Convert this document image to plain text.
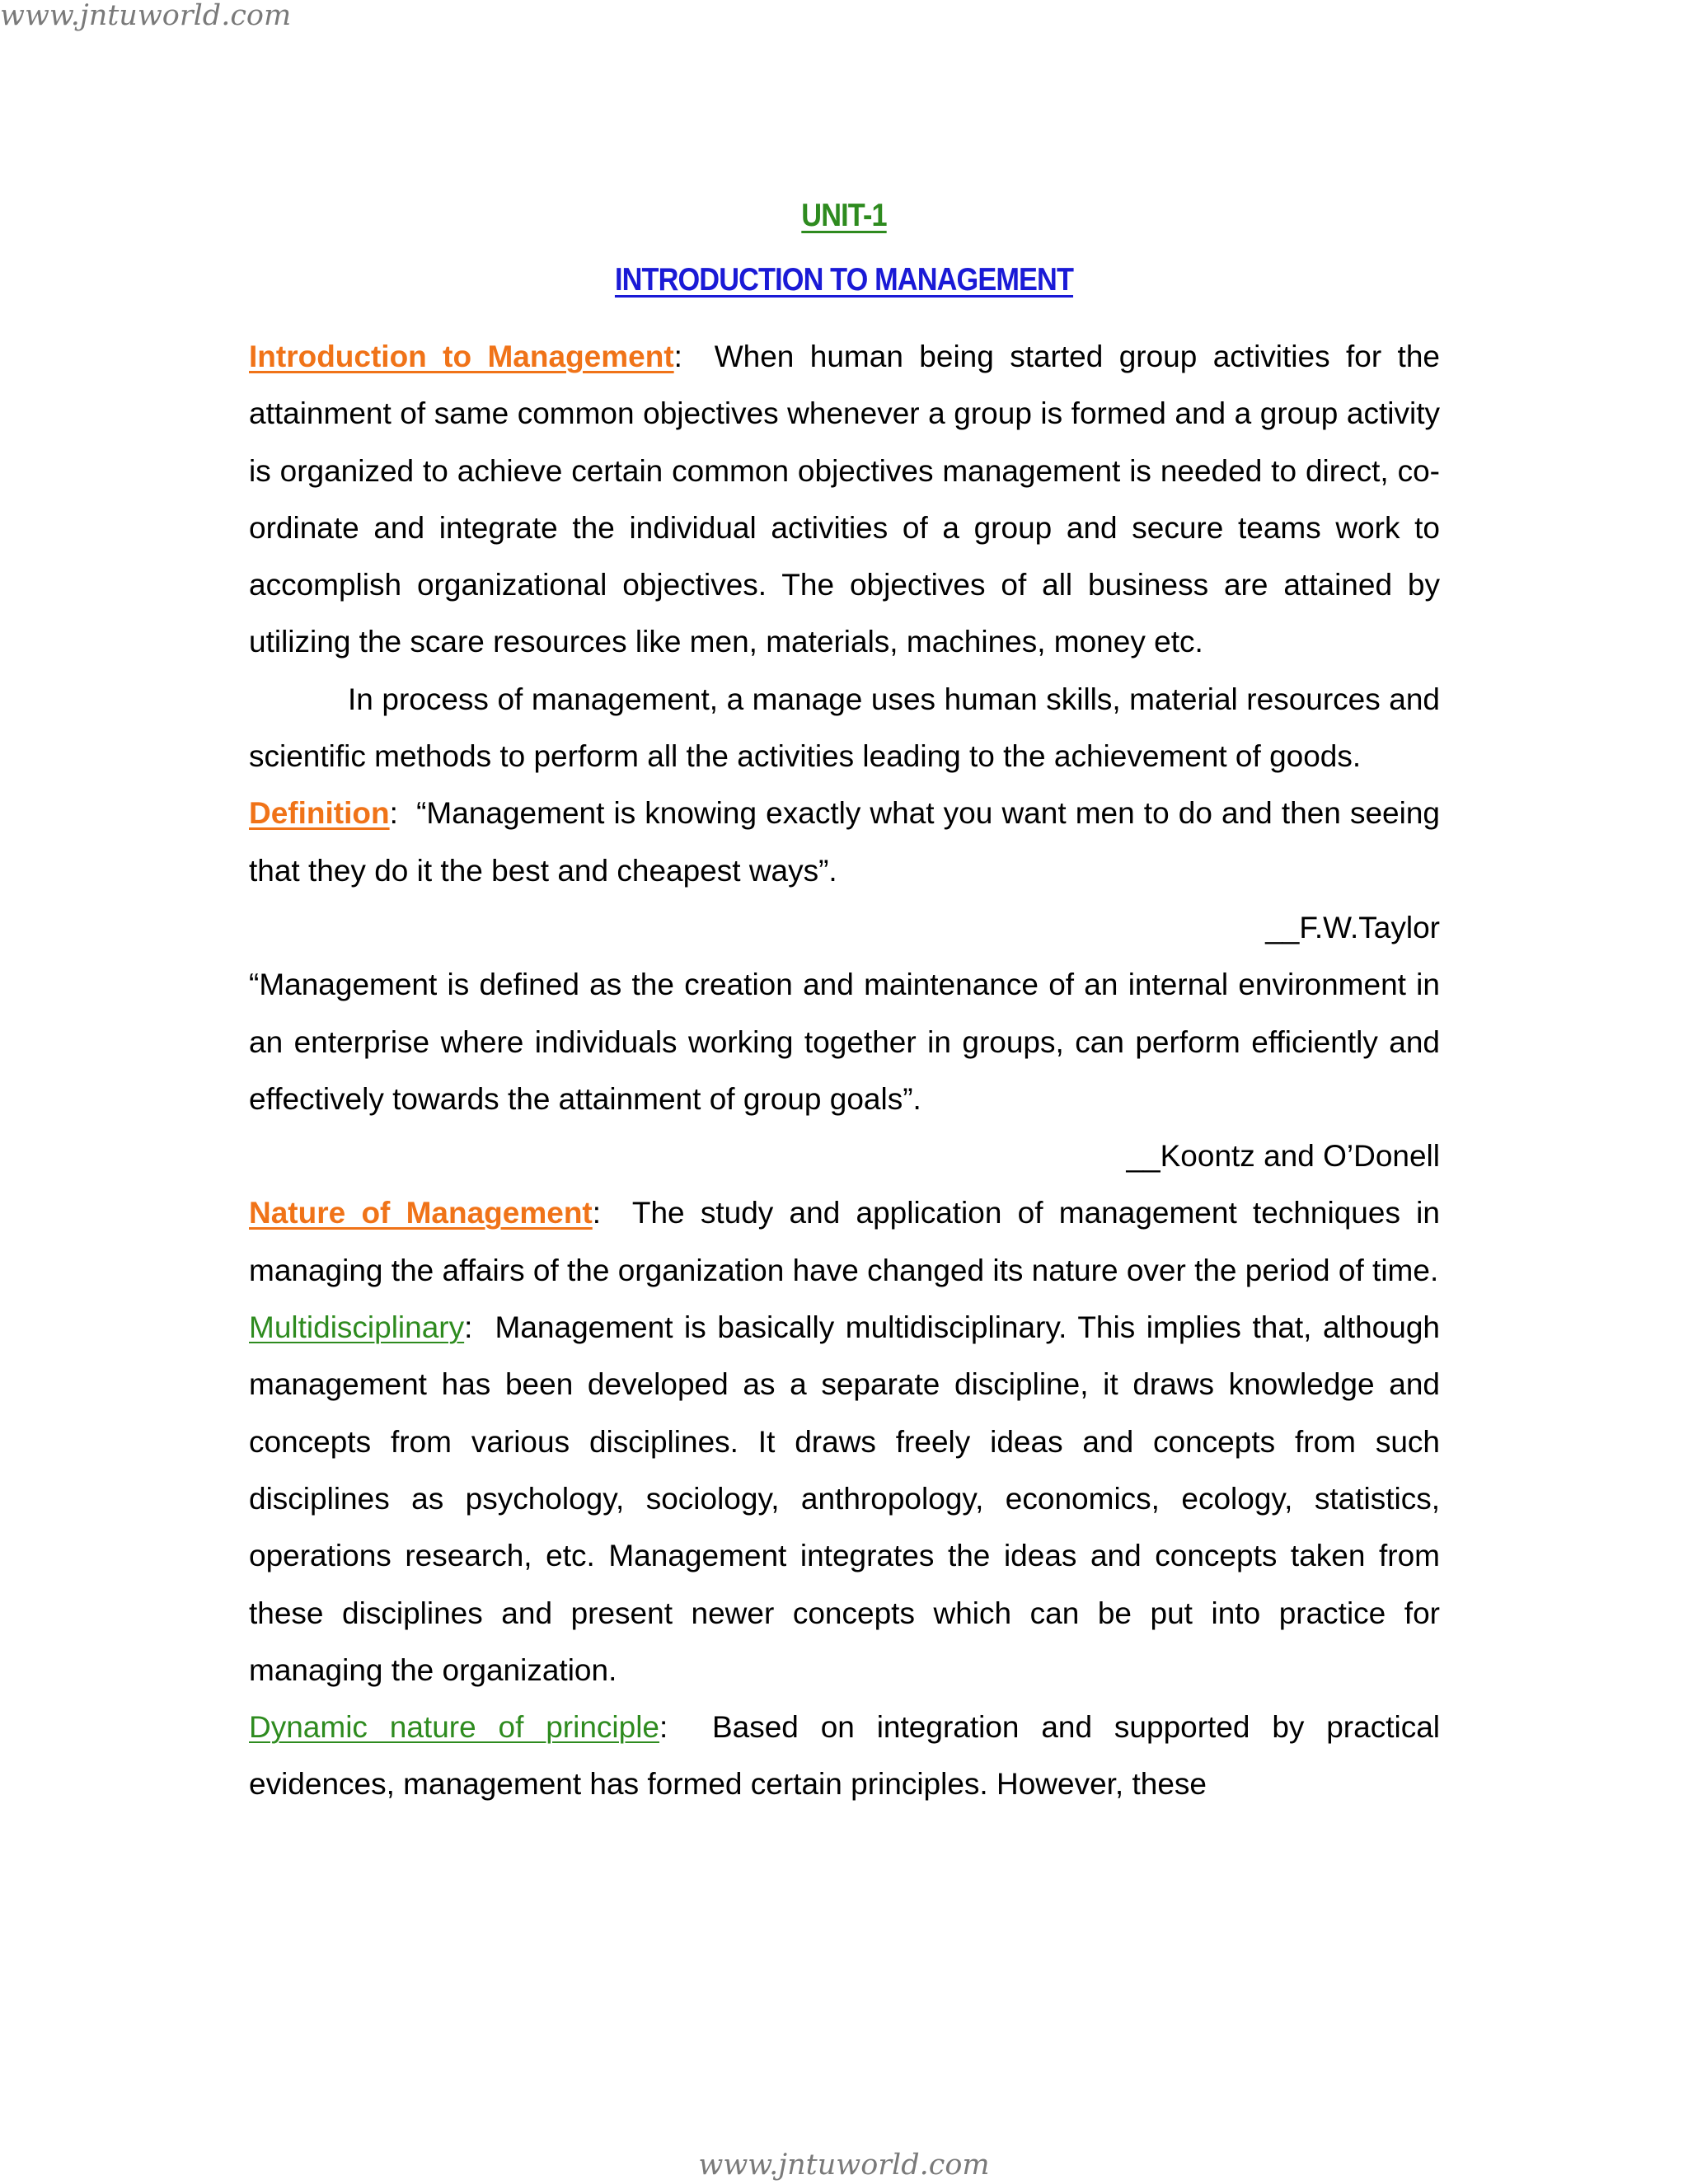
www.jntuworld.com
UNIT-1
INTRODUCTION TO MANAGEMENT

Introduction to Management: When human being started group activities for the attainment of same common objectives whenever a group is formed and a group activity is organized to achieve certain common objectives management is needed to direct, co-ordinate and integrate the individual activities of a group and secure teams work to accomplish organizational objectives. The objectives of all business are attained by utilizing the scare resources like men, materials, machines, money etc.

In process of management, a manage uses human skills, material resources and scientific methods to perform all the activities leading to the achievement of goods.

Definition: “Management is knowing exactly what you want men to do and then seeing that they do it the best and cheapest ways”.

__F.W.Taylor

“Management is defined as the creation and maintenance of an internal environment in an enterprise where individuals working together in groups, can perform efficiently and effectively towards the attainment of group goals”.

__Koontz and O’Donell

Nature of Management: The study and application of management techniques in managing the affairs of the organization have changed its nature over the period of time.

Multidisciplinary: Management is basically multidisciplinary. This implies that, although management has been developed as a separate discipline, it draws knowledge and concepts from various disciplines. It draws freely ideas and concepts from such disciplines as psychology, sociology, anthropology, economics, ecology, statistics, operations research, etc. Management integrates the ideas and concepts taken from these disciplines and present newer concepts which can be put into practice for managing the organization.

Dynamic nature of principle: Based on integration and supported by practical evidences, management has formed certain principles. However, these

www.jntuworld.com
